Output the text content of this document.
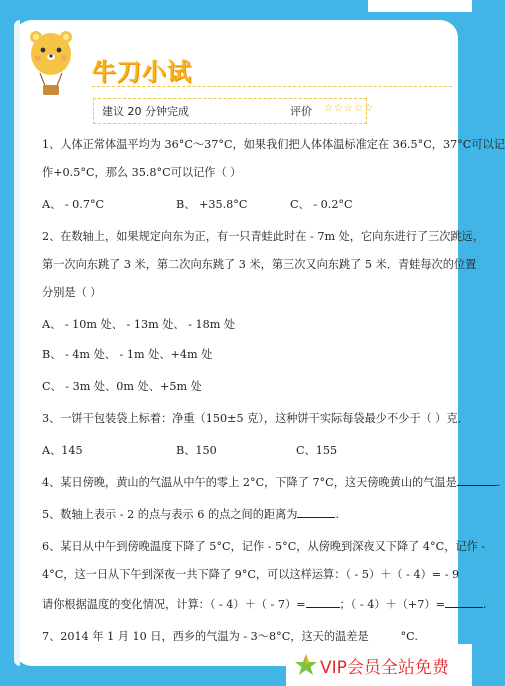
牛刀小试
建议 20 分钟完成	评价 ☆☆☆☆☆
1、人体正常体温平均为 36°C～37°C，如果我们把人体体温标准定在 36.5°C，37°C可以记
作+0.5°C，那么 35.8°C可以记作（ ）
A、 - 0.7°C	B、 +35.8°C	C、 - 0.2°C
2、在数轴上，如果规定向东为正，有一只青蛙此时在 - 7m 处，它向东进行了三次跳远，
第一次向东跳了 3 米，第二次向东跳了 3 米，第三次又向东跳了 5 米．青蛙每次的位置
分别是（ ）
A、 - 10m 处、 - 13m 处、 - 18m 处
B、 - 4m 处、 - 1m 处、+4m 处
C、 - 3m 处、0m 处、+5m 处
3、一饼干包装袋上标着：净重（150±5 克），这种饼干实际每袋最少不少于（ ）克．
A、145	B、150	C、155
4、某日傍晚，黄山的气温从中午的零上 2°C，下降了 7°C，这天傍晚黄山的气温是	.
5、数轴上表示 - 2 的点与表示 6 的点之间的距离为	.
6、某日从中午到傍晚温度下降了 5°C，记作 - 5°C，从傍晚到深夜又下降了 4°C，记作 -
4°C，这一日从下午到深夜一共下降了 9°C，可以这样运算：（ - 5）＋（ - 4）= - 9
请你根据温度的变化情况，计算：（ - 4）＋（ - 7）=	；（ - 4）＋（+7）=	.
7、2014 年 1 月 10 日，西乡的气温为 - 3～8°C，这天的温差是	°C.
VIP会员全站免费
